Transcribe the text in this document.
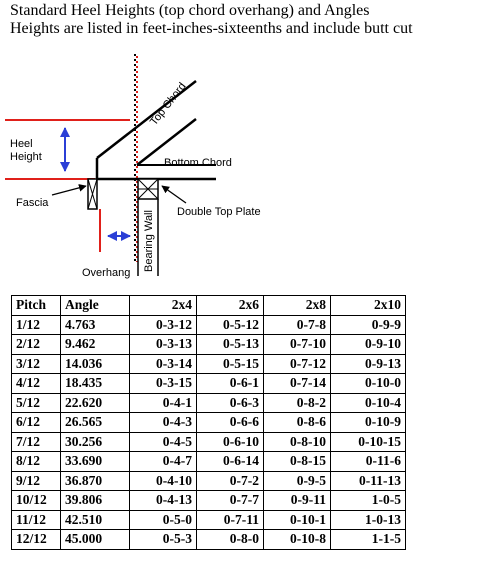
Standard Heel Heights (top chord overhang) and Angles
Heights are listed in feet-inches-sixteenths and include butt cut
Top Chord
Heel
Height	Bottom Chord
Fascia
Double Top Plate
Bearing Wall
Overhang
Pitch	Angle	2x4	2x6	2x8	2x10
1/12	4.763	0-3-12	0-5-12	0-7-8	0-9-9
2/12	9.462	0-3-13	0-5-13	0-7-10	0-9-10
3/12	14.036	0-3-14	0-5-15	0-7-12	0-9-13
4/12	18.435	0-3-15	0-6-1	0-7-14	0-10-0
5/12	22.620	0-4-1	0-6-3	0-8-2	0-10-4
6/12	26.565	0-4-3	0-6-6	0-8-6	0-10-9
7/12	30.256	0-4-5	0-6-10	0-8-10	0-10-15
8/12	33.690	0-4-7	0-6-14	0-8-15	0-11-6
9/12	36.870	0-4-10	0-7-2	0-9-5	0-11-13
10/12	39.806	0-4-13	0-7-7	0-9-11	1-0-5
11/12	42.510	0-5-0	0-7-11	0-10-1	1-0-13
12/12	45.000	0-5-3	0-8-0	0-10-8	1-1-5
